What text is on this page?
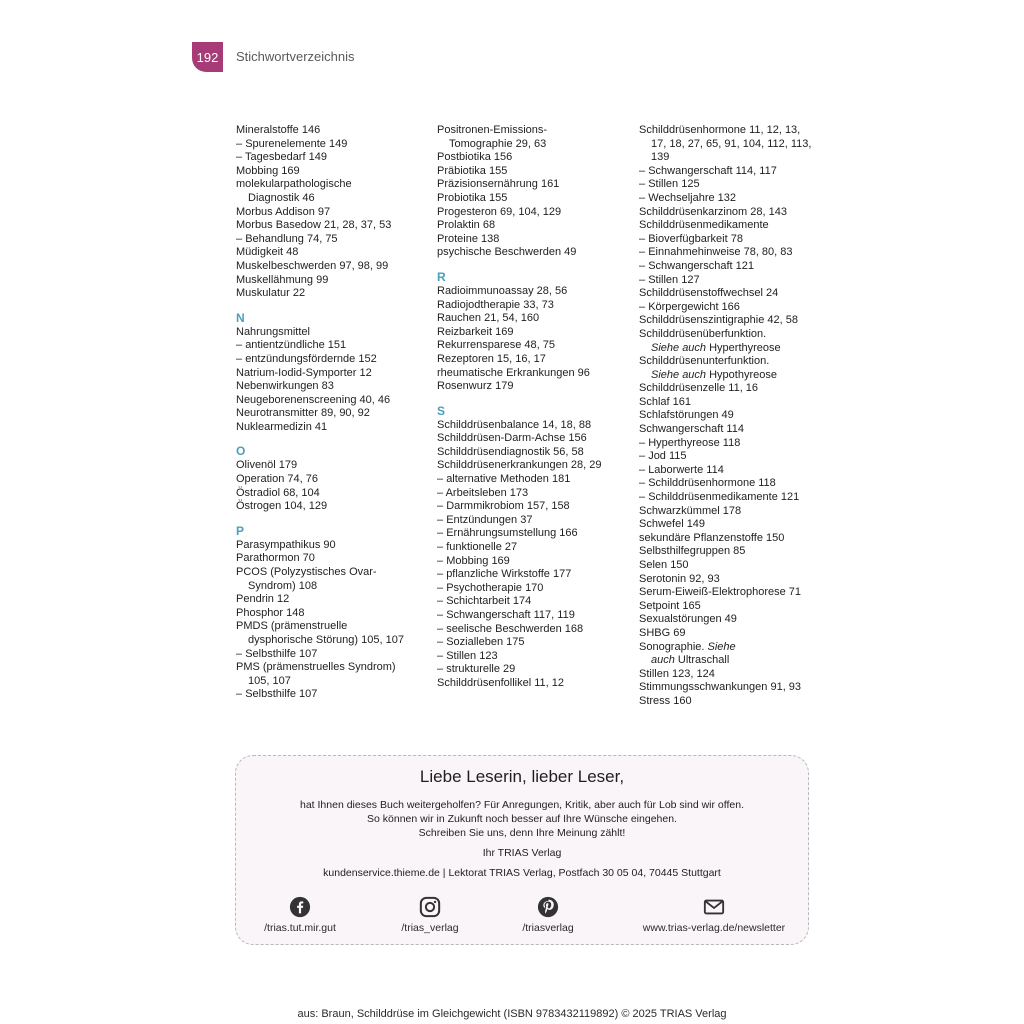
192	Stichwortverzeichnis
Mineralstoffe 146
– Spurenelemente 149
– Tagesbedarf 149
Mobbing 169
molekularpathologische
Diagnostik 46
Morbus Addison 97
Morbus Basedow 21, 28, 37, 53
– Behandlung 74, 75
Müdigkeit 48
Muskelbeschwerden 97, 98, 99
Muskellähmung 99
Muskulatur 22
N
Nahrungsmittel
– antientzündliche 151
– entzündungsfördernde 152
Natrium-Iodid-Symporter 12
Nebenwirkungen 83
Neugeborenenscreening 40, 46
Neurotransmitter 89, 90, 92
Nuklearmedizin 41
O
Olivenöl 179
Operation 74, 76
Östradiol 68, 104
Östrogen 104, 129
P
Parasympathikus 90
Parathormon 70
PCOS (Polyzystisches Ovar-
Syndrom) 108
Pendrin 12
Phosphor 148
PMDS (prämenstruelle
dysphorische Störung) 105, 107
– Selbsthilfe 107
PMS (prämenstruelles Syndrom)
105, 107
– Selbsthilfe 107
Positronen-Emissions-
Tomographie 29, 63
Postbiotika 156
Präbiotika 155
Präzisionsernährung 161
Probiotika 155
Progesteron 69, 104, 129
Prolaktin 68
Proteine 138
psychische Beschwerden 49
R
Radioimmunoassay 28, 56
Radiojodtherapie 33, 73
Rauchen 21, 54, 160
Reizbarkeit 169
Rekurrensparese 48, 75
Rezeptoren 15, 16, 17
rheumatische Erkrankungen 96
Rosenwurz 179
S
Schilddrüsenbalance 14, 18, 88
Schilddrüsen-Darm-Achse 156
Schilddrüsendiagnostik 56, 58
Schilddrüsenerkrankungen 28, 29
– alternative Methoden 181
– Arbeitsleben 173
– Darmmikrobiom 157, 158
– Entzündungen 37
– Ernährungsumstellung 166
– funktionelle 27
– Mobbing 169
– pflanzliche Wirkstoffe 177
– Psychotherapie 170
– Schichtarbeit 174
– Schwangerschaft 117, 119
– seelische Beschwerden 168
– Sozialleben 175
– Stillen 123
– strukturelle 29
Schilddrüsenfollikel 11, 12
Schilddrüsenhormone 11, 12, 13,
17, 18, 27, 65, 91, 104, 112, 113,
139
– Schwangerschaft 114, 117
– Stillen 125
– Wechseljahre 132
Schilddrüsenkarzinom 28, 143
Schilddrüsenmedikamente
– Bioverfügbarkeit 78
– Einnahmehinweise 78, 80, 83
– Schwangerschaft 121
– Stillen 127
Schilddrüsenstoffwechsel 24
– Körpergewicht 166
Schilddrüsenszintigraphie 42, 58
Schilddrüsenüberfunktion.
Siehe auch Hyperthyreose
Schilddrüsenunterfunktion.
Siehe auch Hypothyreose
Schilddrüsenzelle 11, 16
Schlaf 161
Schlafstörungen 49
Schwangerschaft 114
– Hyperthyreose 118
– Jod 115
– Laborwerte 114
– Schilddrüsenhormone 118
– Schilddrüsenmedikamente 121
Schwarzkümmel 178
Schwefel 149
sekundäre Pflanzenstoffe 150
Selbsthilfegruppen 85
Selen 150
Serotonin 92, 93
Serum-Eiweiß-Elektrophorese 71
Setpoint 165
Sexualstörungen 49
SHBG 69
Sonographie. Siehe
auch Ultraschall
Stillen 123, 124
Stimmungsschwankungen 91, 93
Stress 160
Liebe Leserin, lieber Leser,
hat Ihnen dieses Buch weitergeholfen? Für Anregungen, Kritik, aber auch für Lob sind wir offen.
So können wir in Zukunft noch besser auf Ihre Wünsche eingehen.
Schreiben Sie uns, denn Ihre Meinung zählt!
Ihr TRIAS Verlag
kundenservice.thieme.de | Lektorat TRIAS Verlag, Postfach 30 05 04, 70445 Stuttgart
/trias.tut.mir.gut	/trias_verlag	/triasverlag	www.trias-verlag.de/newsletter
aus: Braun, Schilddrüse im Gleichgewicht (ISBN 9783432119892) © 2025 TRIAS Verlag
